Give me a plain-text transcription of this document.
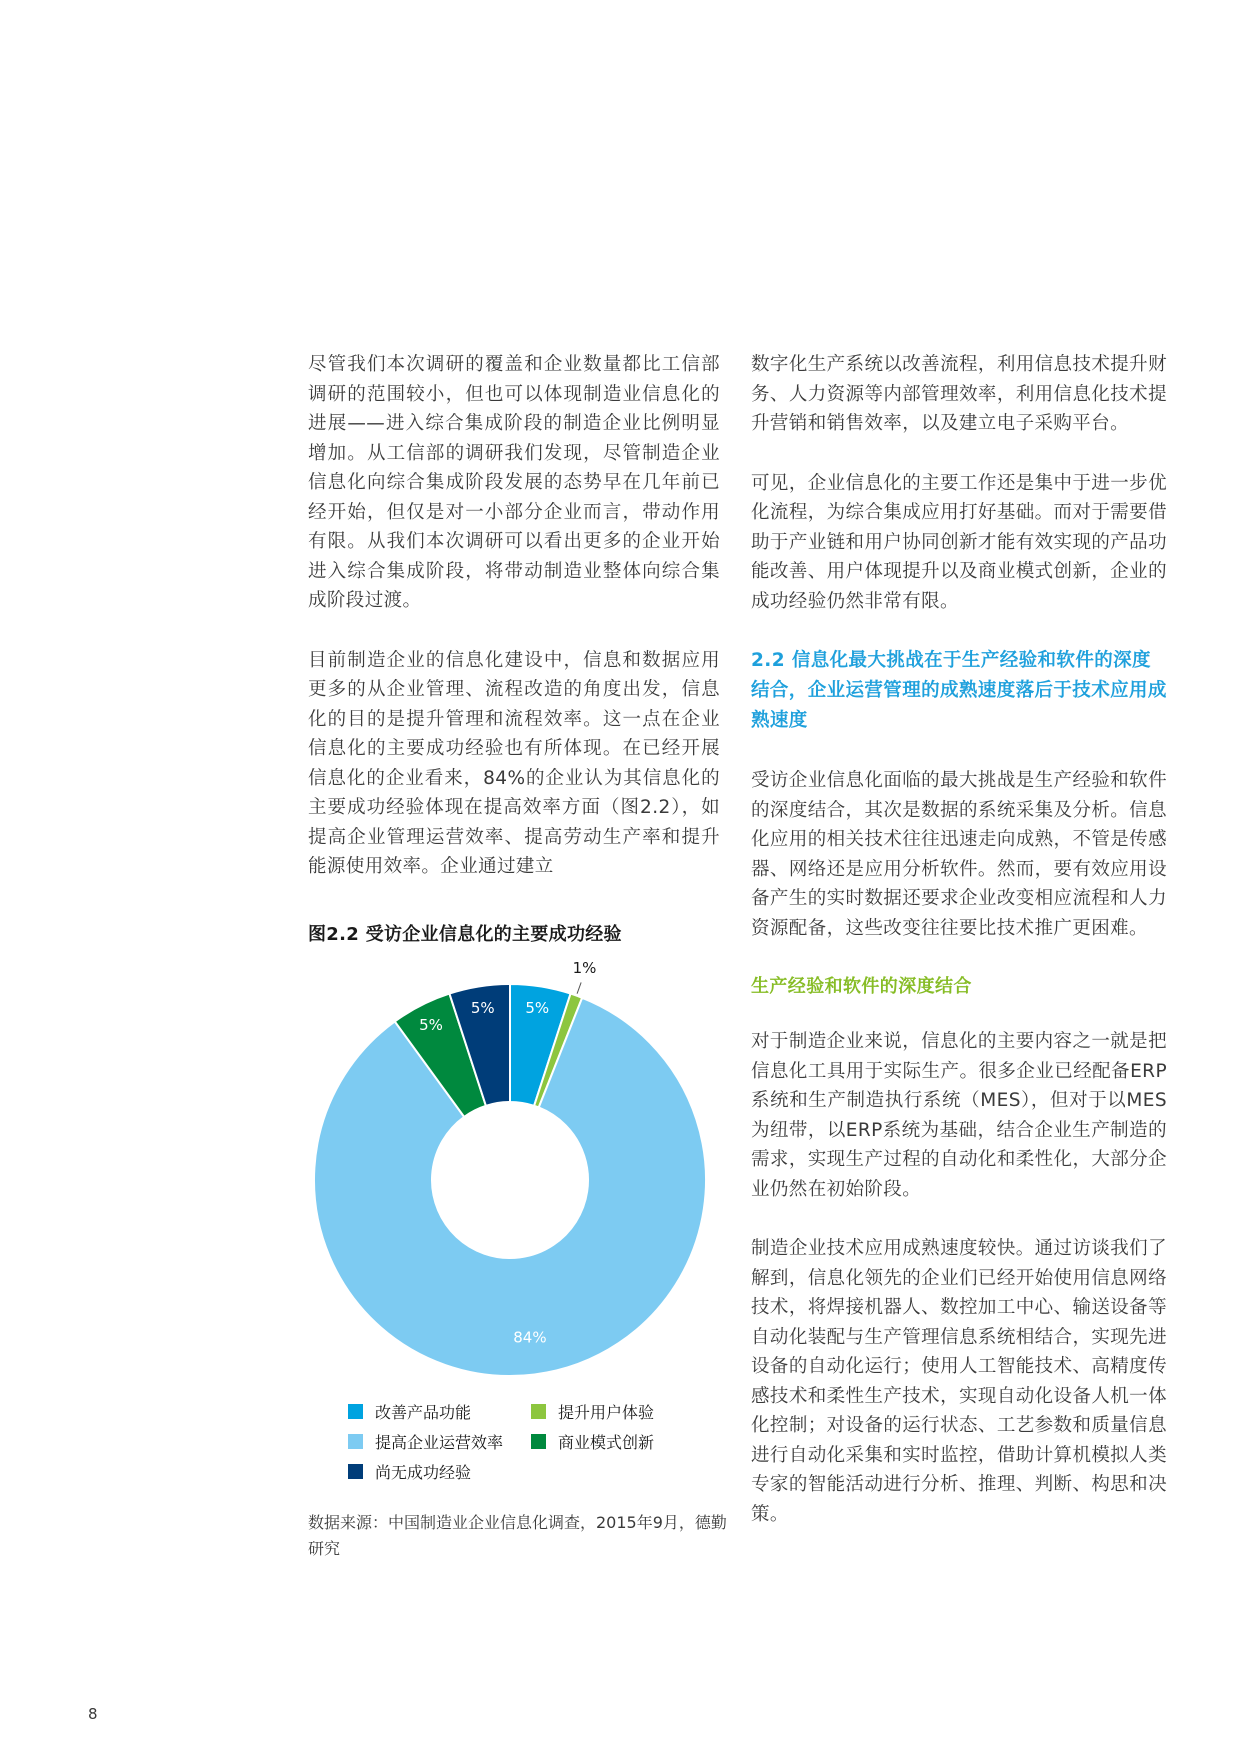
尽管我们本次调研的覆盖和企业数量都比工信部调研的范围较小，但也可以体现制造业信息化的进展——进入综合集成阶段的制造企业比例明显增加。从工信部的调研我们发现，尽管制造企业信息化向综合集成阶段发展的态势早在几年前已经开始，但仅是对一小部分企业而言，带动作用有限。从我们本次调研可以看出更多的企业开始进入综合集成阶段，将带动制造业整体向综合集成阶段过渡。

目前制造企业的信息化建设中，信息和数据应用更多的从企业管理、流程改造的角度出发，信息化的目的是提升管理和流程效率。这一点在企业信息化的主要成功经验也有所体现。在已经开展信息化的企业看来，84%的企业认为其信息化的主要成功经验体现在提高效率方面（图2.2），如提高企业管理运营效率、提高劳动生产率和提升能源使用效率。企业通过建立

图2.2 受访企业信息化的主要成功经验
5%
1%
84%
5%
5%
改善产品功能	提升用户体验
提高企业运营效率	商业模式创新
尚无成功经验
数据来源：中国制造业企业信息化调查，2015年9月，德勤研究

数字化生产系统以改善流程，利用信息技术提升财务、人力资源等内部管理效率，利用信息化技术提升营销和销售效率，以及建立电子采购平台。

可见，企业信息化的主要工作还是集中于进一步优化流程，为综合集成应用打好基础。而对于需要借助于产业链和用户协同创新才能有效实现的产品功能改善、用户体现提升以及商业模式创新，企业的成功经验仍然非常有限。

2.2 信息化最大挑战在于生产经验和软件的深度结合，企业运营管理的成熟速度落后于技术应用成熟速度

受访企业信息化面临的最大挑战是生产经验和软件的深度结合，其次是数据的系统采集及分析。信息化应用的相关技术往往迅速走向成熟，不管是传感器、网络还是应用分析软件。然而，要有效应用设备产生的实时数据还要求企业改变相应流程和人力资源配备，这些改变往往要比技术推广更困难。

生产经验和软件的深度结合

对于制造企业来说，信息化的主要内容之一就是把信息化工具用于实际生产。很多企业已经配备ERP系统和生产制造执行系统（MES），但对于以MES为纽带，以ERP系统为基础，结合企业生产制造的需求，实现生产过程的自动化和柔性化，大部分企业仍然在初始阶段。

制造企业技术应用成熟速度较快。通过访谈我们了解到，信息化领先的企业们已经开始使用信息网络技术，将焊接机器人、数控加工中心、输送设备等自动化装配与生产管理信息系统相结合，实现先进设备的自动化运行；使用人工智能技术、高精度传感技术和柔性生产技术，实现自动化设备人机一体化控制；对设备的运行状态、工艺参数和质量信息进行自动化采集和实时监控，借助计算机模拟人类专家的智能活动进行分析、推理、判断、构思和决策。

8
